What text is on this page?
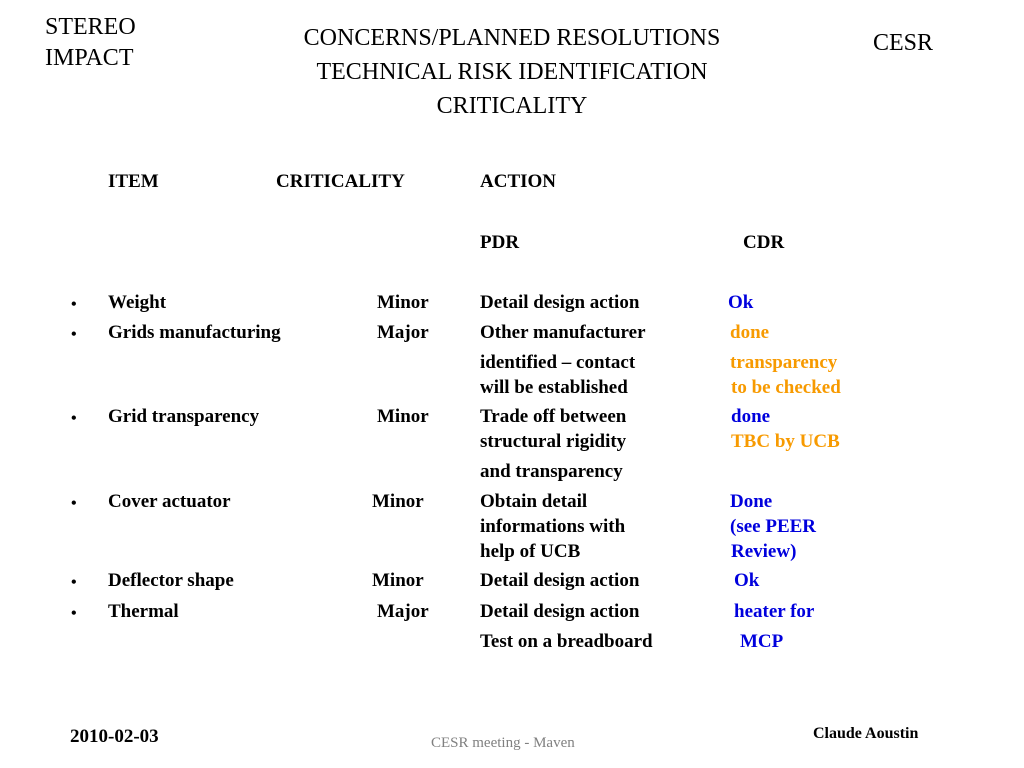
STEREO
IMPACT
CONCERNS/PLANNED RESOLUTIONS
TECHNICAL RISK IDENTIFICATION
CRITICALITY
CESR
ITEM	CRITICALITY	ACTION
PDR	CDR
• Weight	Minor	Detail design action	Ok
• Grids manufacturing	Major	Other manufacturer	done
identified – contact	transparency
will be established	to be checked
• Grid transparency	Minor	Trade off between	done
structural rigidity	TBC by UCB
and transparency
• Cover actuator	Minor	Obtain detail	Done
informations with	(see PEER
help of UCB	Review)
• Deflector shape	Minor	Detail design action	Ok
• Thermal	Major	Detail design action	heater for
Test on a breadboard	MCP
2010-02-03	CESR meeting - Maven
Claude Aoustin
